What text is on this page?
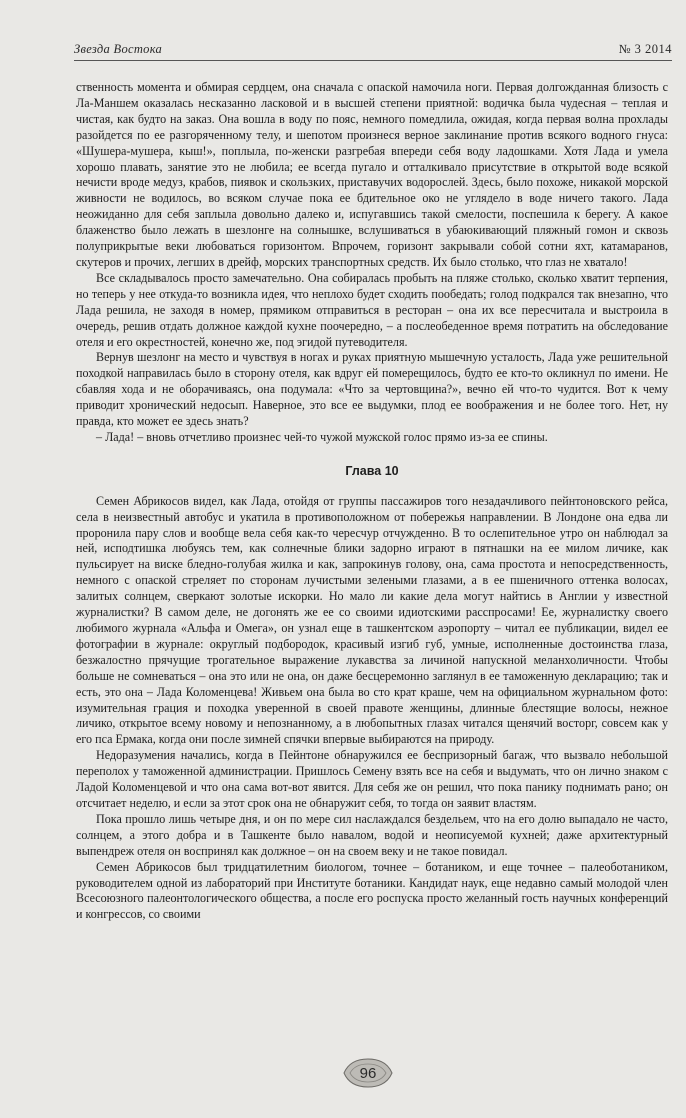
Звезда Востока	№ 3 2014

ственность момента и обмирая сердцем, она сначала с опаской намочила ноги. Первая долгожданная близость с Ла-Маншем оказалась несказанно ласковой и в высшей степени приятной: водичка была чудесная – теплая и чистая, как будто на заказ. Она вошла в воду по пояс, немного помедлила, ожидая, когда первая волна прохлады разойдется по ее разгоряченному телу, и шепотом произнеся верное заклинание против всякого водного гнуса: «Шушера-мушера, кыш!», поплыла, по-женски разгребая впереди себя воду ладошками. Хотя Лада и умела хорошо плавать, занятие это не любила; ее всегда пугало и отталкивало присутствие в открытой воде всякой нечисти вроде медуз, крабов, пиявок и скользких, приставучих водорослей. Здесь, было похоже, никакой морской живности не водилось, во всяком случае пока ее бдительное око не углядело в воде ничего такого. Лада неожиданно для себя заплыла довольно далеко и, испугавшись такой смелости, поспешила к берегу. А какое блаженство было лежать в шезлонге на солнышке, вслушиваться в убаюкивающий пляжный гомон и сквозь полуприкрытые веки любоваться горизонтом. Впрочем, горизонт закрывали собой сотни яхт, катамаранов, скутеров и прочих, легших в дрейф, морских транспортных средств. Их было столько, что глаз не хватало!

Все складывалось просто замечательно. Она собиралась пробыть на пляже столько, сколько хватит терпения, но теперь у нее откуда-то возникла идея, что неплохо будет сходить пообедать; голод подкрался так внезапно, что Лада решила, не заходя в номер, прямиком отправиться в ресторан – она их все пересчитала и выстроила в очередь, решив отдать должное каждой кухне поочередно, – а послеобеденное время потратить на обследование отеля и его окрестностей, конечно же, под эгидой путеводителя.

Вернув шезлонг на место и чувствуя в ногах и руках приятную мышечную усталость, Лада уже решительной походкой направилась было в сторону отеля, как вдруг ей померещилось, будто ее кто-то окликнул по имени. Не сбавляя хода и не оборачиваясь, она подумала: «Что за чертовщина?», вечно ей что-то чудится. Вот к чему приводит хронический недосып. Наверное, это все ее выдумки, плод ее воображения и не более того. Нет, ну правда, кто может ее здесь знать?

– Лада! – вновь отчетливо произнес чей-то чужой мужской голос прямо из-за ее спины.

Глава 10

Семен Абрикосов видел, как Лада, отойдя от группы пассажиров того незадачливого пейнтоновского рейса, села в неизвестный автобус и укатила в противоположном от побережья направлении. В Лондоне она едва ли проронила пару слов и вообще вела себя как-то чересчур отчужденно. В то ослепительное утро он наблюдал за ней, исподтишка любуясь тем, как солнечные блики задорно играют в пятнашки на ее милом личике, как пульсирует на виске бледно-голубая жилка и как, запрокинув голову, она, сама простота и непосредственность, немного с опаской стреляет по сторонам лучистыми зелеными глазами, а в ее пшеничного оттенка волосах, залитых солнцем, сверкают золотые искорки. Но мало ли какие дела могут найтись в Англии у известной журналистки? В самом деле, не догонять же ее со своими идиотскими расспросами! Ее, журналистку своего любимого журнала «Альфа и Омега», он узнал еще в ташкентском аэропорту – читал ее публикации, видел ее фотографии в журнале: округлый подбородок, красивый изгиб губ, умные, исполненные достоинства глаза, безжалостно прячущие трогательное выражение лукавства за личиной напускной меланхоличности. Чтобы больше не сомневаться – она это или не она, он даже бесцеремонно заглянул в ее таможенную декларацию; так и есть, это она – Лада Коломенцева! Живьем она была во сто крат краше, чем на официальном журнальном фото: изумительная грация и походка уверенной в своей правоте женщины, длинные блестящие волосы, нежное личико, открытое всему новому и непознанному, а в любопытных глазах читался щенячий восторг, совсем как у его пса Ермака, когда они после зимней спячки впервые выбираются на природу.

Недоразумения начались, когда в Пейнтоне обнаружился ее беспризорный багаж, что вызвало небольшой переполох у таможенной администрации. Пришлось Семену взять все на себя и выдумать, что он лично знаком с Ладой Коломенцевой и что она сама вот-вот явится. Для себя же он решил, что пока панику поднимать рано; он отсчитает неделю, и если за этот срок она не обнаружит себя, то тогда он заявит властям.

Пока прошло лишь четыре дня, и он по мере сил наслаждался бездельем, что на его долю выпадало не часто, солнцем, а этого добра и в Ташкенте было навалом, водой и неописуемой кухней; даже архитектурный выпендреж отеля он воспринял как должное – он на своем веку и не такое повидал.

Семен Абрикосов был тридцатилетним биологом, точнее – ботаником, и еще точнее – палеоботаником, руководителем одной из лабораторий при Институте ботаники. Кандидат наук, еще недавно самый молодой член Всесоюзного палеонтологического общества, а после его роспуска просто желанный гость научных конференций и конгрессов, со своими

96
